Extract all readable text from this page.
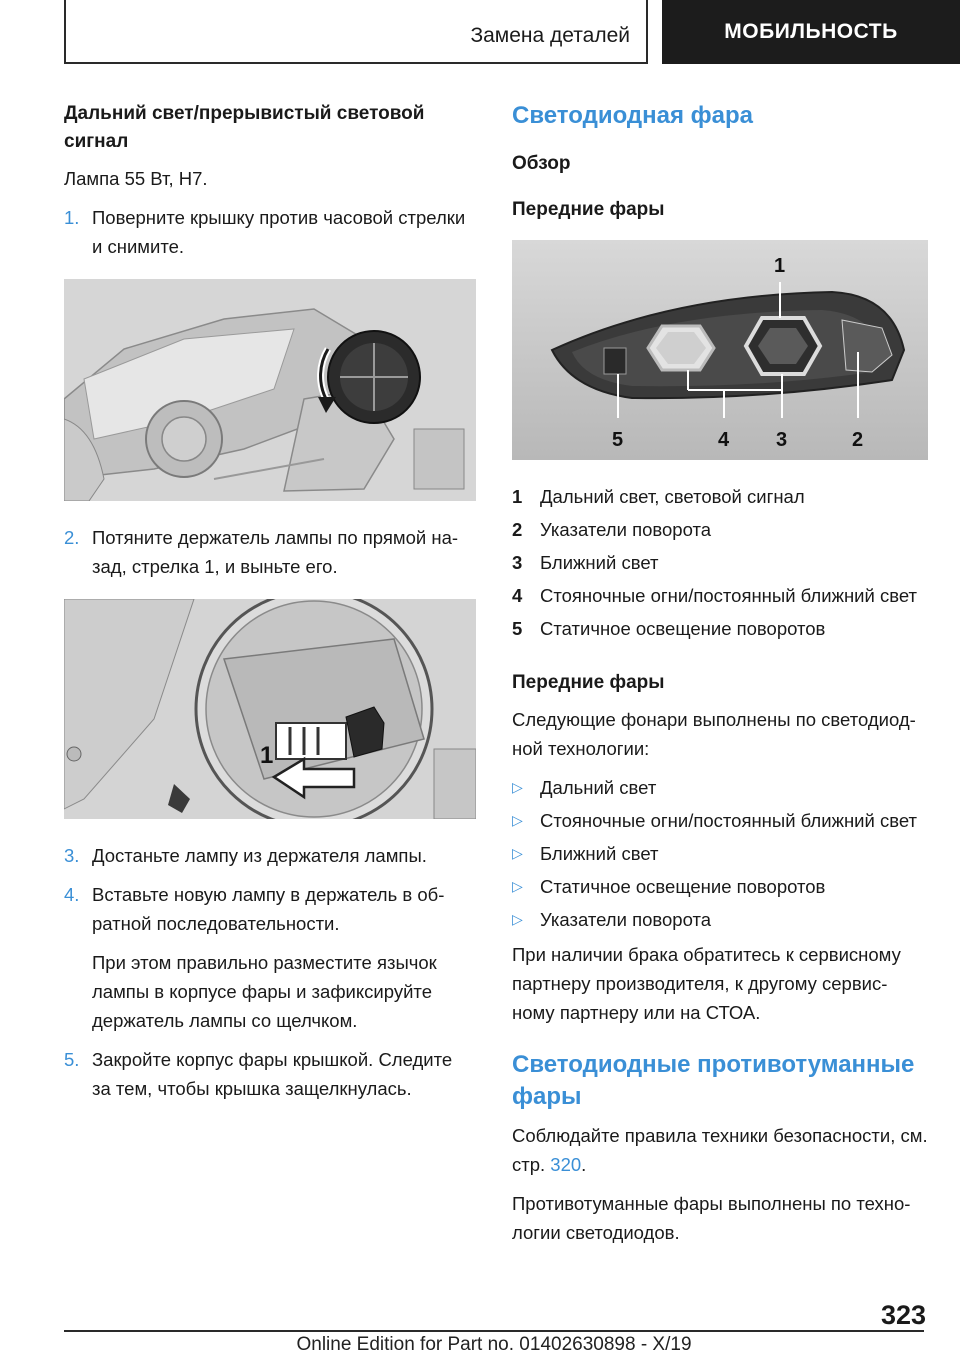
Замена деталей	МОБИЛЬНОСТЬ
Дальний свет/прерывистый световой сигнал
Лампа 55 Вт, H7.
1. Поверните крышку против часовой стрелки и снимите.
2. Потяните держатель лампы по прямой на-зад, стрелка 1, и выньте его.
1
3. Достаньте лампу из держателя лампы.
4. Вставьте новую лампу в держатель в об-ратной последовательности.
При этом правильно разместите язычок лампы в корпусе фары и зафиксируйте держатель лампы со щелчком.
5. Закройте корпус фары крышкой. Следите за тем, чтобы крышка защелкнулась.
Светодиодная фара
Обзор
Передние фары
1
5	4 3	2
1 Дальний свет, световой сигнал
2 Указатели поворота
3 Ближний свет
4 Стояночные огни/постоянный ближний свет
5 Статичное освещение поворотов
Передние фары
Следующие фонари выполнены по светодиод-ной технологии:
▷ Дальний свет
▷ Стояночные огни/постоянный ближний свет
▷ Ближний свет
▷ Статичное освещение поворотов
▷ Указатели поворота
При наличии брака обратитесь к сервисному партнеру производителя, к другому сервис-ному партнеру или на СТОА.
Светодиодные противотуманные фары
Соблюдайте правила техники безопасности, см. стр. 320.
Противотуманные фары выполнены по техно-логии светодиодов.
323
Online Edition for Part no. 01402630898 - X/19
